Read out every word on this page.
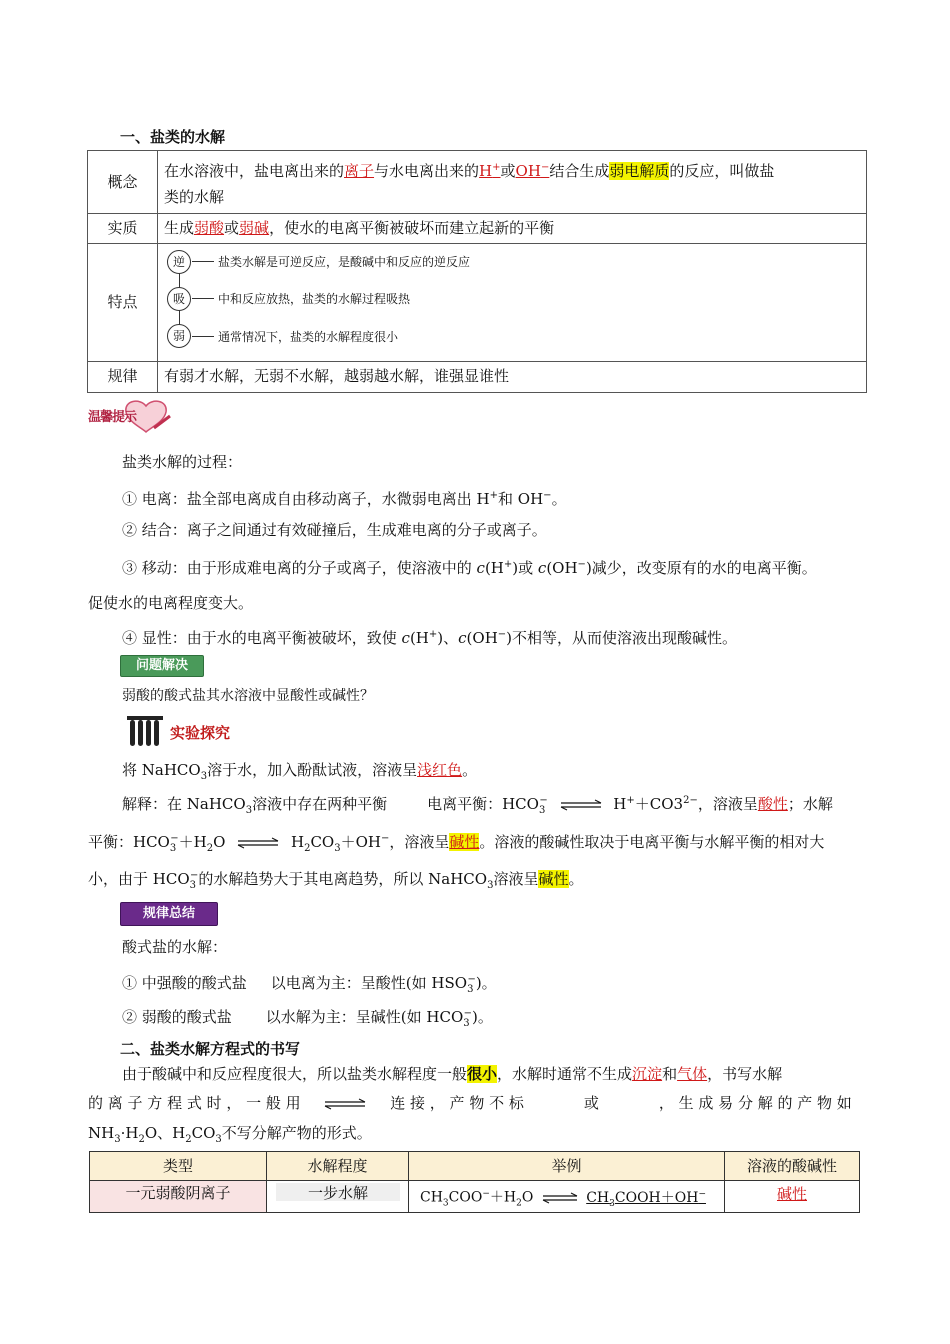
一、盐类的水解
概念
在水溶液中，盐电离出来的离子与水电离出来的H+或OH−结合生成弱电解质的反应，叫做盐
类的水解
实质	生成弱酸或弱碱，使水的电离平衡被破坏而建立起新的平衡
特点
逆	盐类水解是可逆反应，是酸碱中和反应的逆反应
吸	中和反应放热，盐类的水解过程吸热
弱	通常情况下，盐类的水解程度很小
规律	有弱才水解，无弱不水解，越弱越水解，谁强显谁性
温馨提示
盐类水解的过程：
① 电离：盐全部电离成自由移动离子，水微弱电离出 H+和 OH−。
② 结合：离子之间通过有效碰撞后，生成难电离的分子或离子。
③ 移动：由于形成难电离的分子或离子，使溶液中的 c(H+)或 c(OH−)减少，改变原有的水的电离平衡。
促使水的电离程度变大。
④ 显性：由于水的电离平衡被破坏，致使 c(H+)、c(OH−)不相等，从而使溶液出现酸碱性。
问题解决
弱酸的酸式盐其水溶液中显酸性或碱性？
实验探究
将 NaHCO$_3$溶于水，加入酚酞试液，溶液呈浅红色。
解释：在 NaHCO$_3$溶液中存在两种平衡	电离平衡：$HCO_3^-$ ⇌ $H^++CO3^{2-}$，溶液呈酸性；水解
平衡：$HCO_3^-+H_2O$ ⇌ $H_2CO_3+OH^-$，溶液呈碱性。溶液的酸碱性取决于电离平衡与水解平衡的相对大
小，由于 $HCO_3^-$的水解趋势大于其电离趋势，所以 NaHCO$_3$溶液呈碱性。
规律总结
酸式盐的水解：
① 中强酸的酸式盐 以电离为主：呈酸性(如 $HSO_3^-$)。
② 弱酸的酸式盐 以水解为主：呈碱性(如 $HCO_3^-$)。
二、盐类水解方程式的书写
由于酸碱中和反应程度很大，所以盐类水解程度一般很小，水解时通常不生成沉淀和气体，书写水解
的 离 子 方 程 式 时 ， 一 般 用	连 接 ， 产 物 不 标	或	， 生 成 易 分 解 的 产 物 如
$NH_3\cdot H_2O$、$H_2CO_3$不写分解产物的形式。
类型	水解程度	举例	溶液的酸碱性
一元弱酸阴离子	一步水解	$CH_3COO^-+H_2O$ ⇌ $CH_3COOH+OH^-$	碱性
